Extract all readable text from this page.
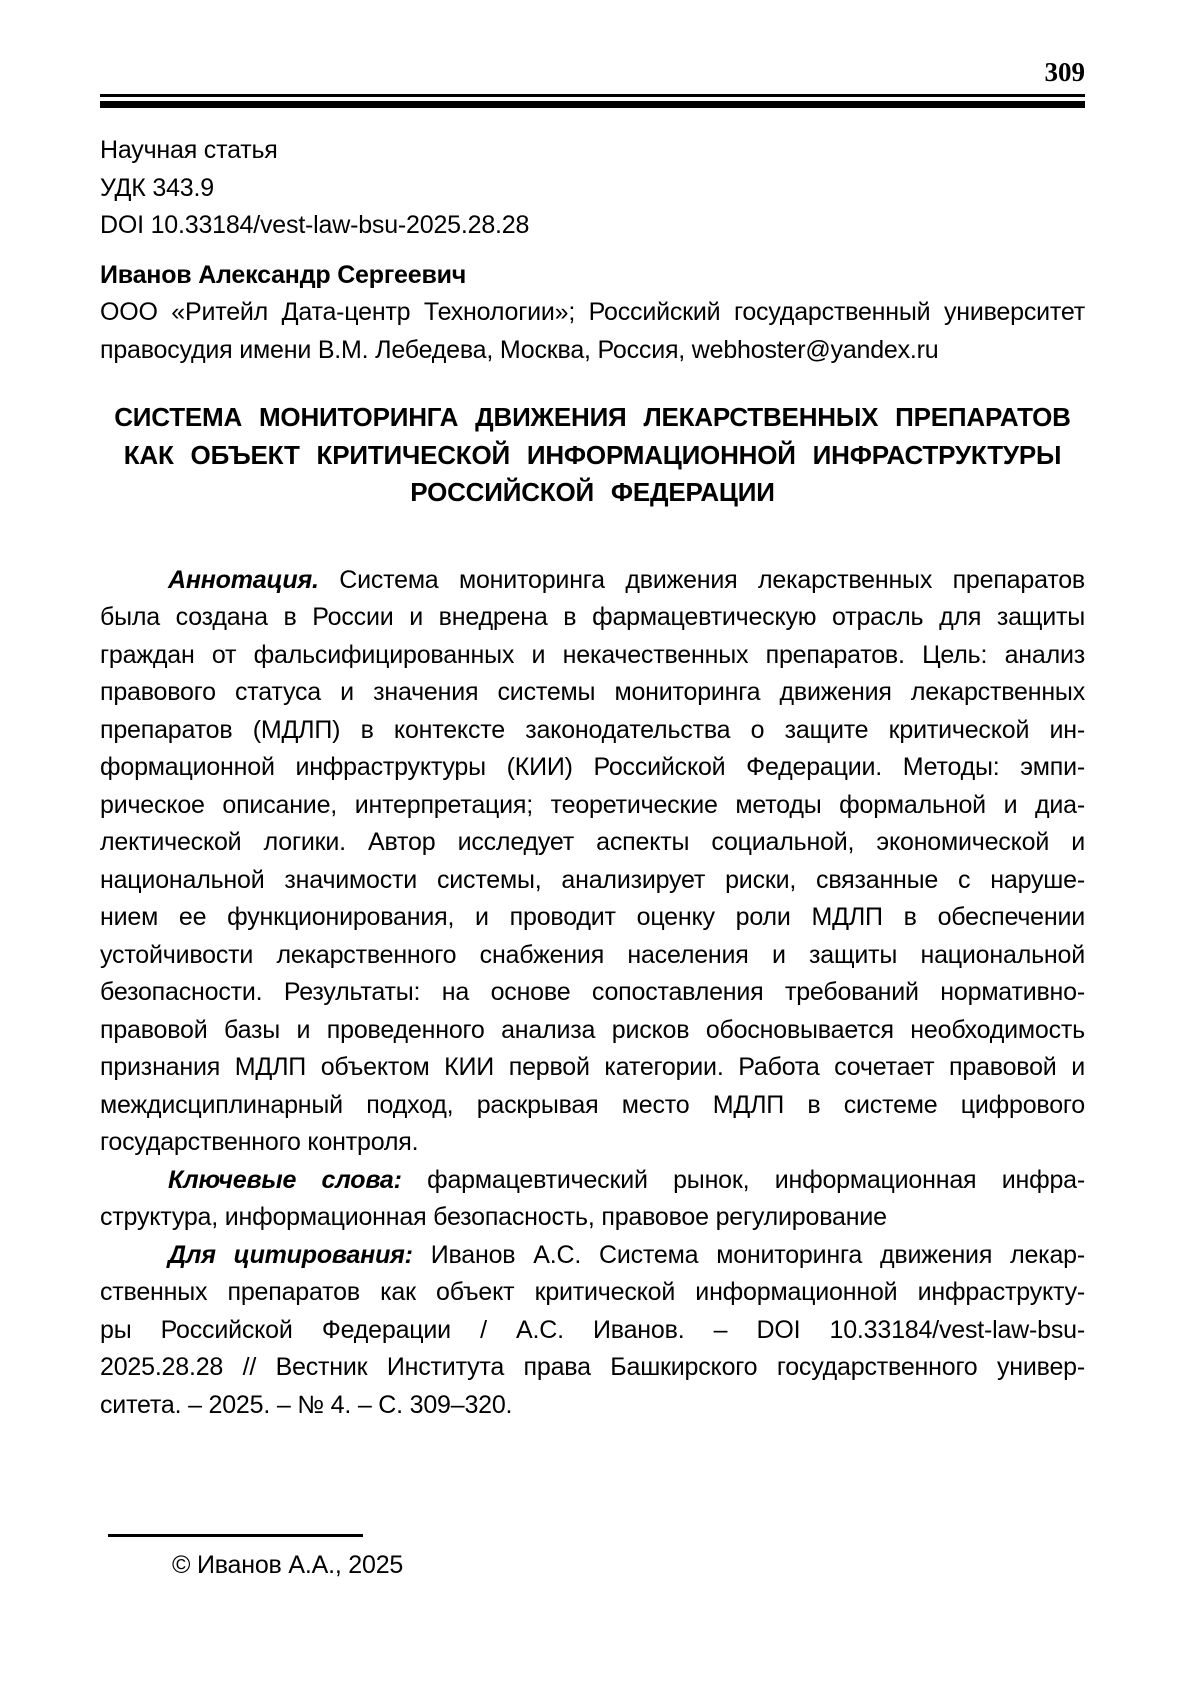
309
Научная статья
УДК 343.9
DOI 10.33184/vest-law-bsu-2025.28.28
Иванов Александр Сергеевич
ООО «Ритейл Дата-центр Технологии»; Российский государственный университет
правосудия имени В.М. Лебедева, Москва, Россия, webhoster@yandex.ru
СИСТЕМА МОНИТОРИНГА ДВИЖЕНИЯ ЛЕКАРСТВЕННЫХ ПРЕПАРАТОВ
КАК ОБЪЕКТ КРИТИЧЕСКОЙ ИНФОРМАЦИОННОЙ ИНФРАСТРУКТУРЫ
РОССИЙСКОЙ ФЕДЕРАЦИИ
Аннотация. Система мониторинга движения лекарственных препаратов
была создана в России и внедрена в фармацевтическую отрасль для защиты
граждан от фальсифицированных и некачественных препаратов. Цель: анализ
правового статуса и значения системы мониторинга движения лекарственных
препаратов (МДЛП) в контексте законодательства о защите критической ин-
формационной инфраструктуры (КИИ) Российской Федерации. Методы: эмпи-
рическое описание, интерпретация; теоретические методы формальной и диа-
лектической логики. Автор исследует аспекты социальной, экономической и
национальной значимости системы, анализирует риски, связанные с наруше-
нием ее функционирования, и проводит оценку роли МДЛП в обеспечении
устойчивости лекарственного снабжения населения и защиты национальной
безопасности. Результаты: на основе сопоставления требований нормативно-
правовой базы и проведенного анализа рисков обосновывается необходимость
признания МДЛП объектом КИИ первой категории. Работа сочетает правовой и
междисциплинарный подход, раскрывая место МДЛП в системе цифрового
государственного контроля.
Ключевые слова: фармацевтический рынок, информационная инфра-
структура, информационная безопасность, правовое регулирование
Для цитирования: Иванов А.С. Система мониторинга движения лекар-
ственных препаратов как объект критической информационной инфраструкту-
ры Российской Федерации / А.С. Иванов. – DOI 10.33184/vest-law-bsu-
2025.28.28 // Вестник Института права Башкирского государственного универ-
ситета. – 2025. – № 4. – С. 309–320.
© Иванов А.А., 2025
